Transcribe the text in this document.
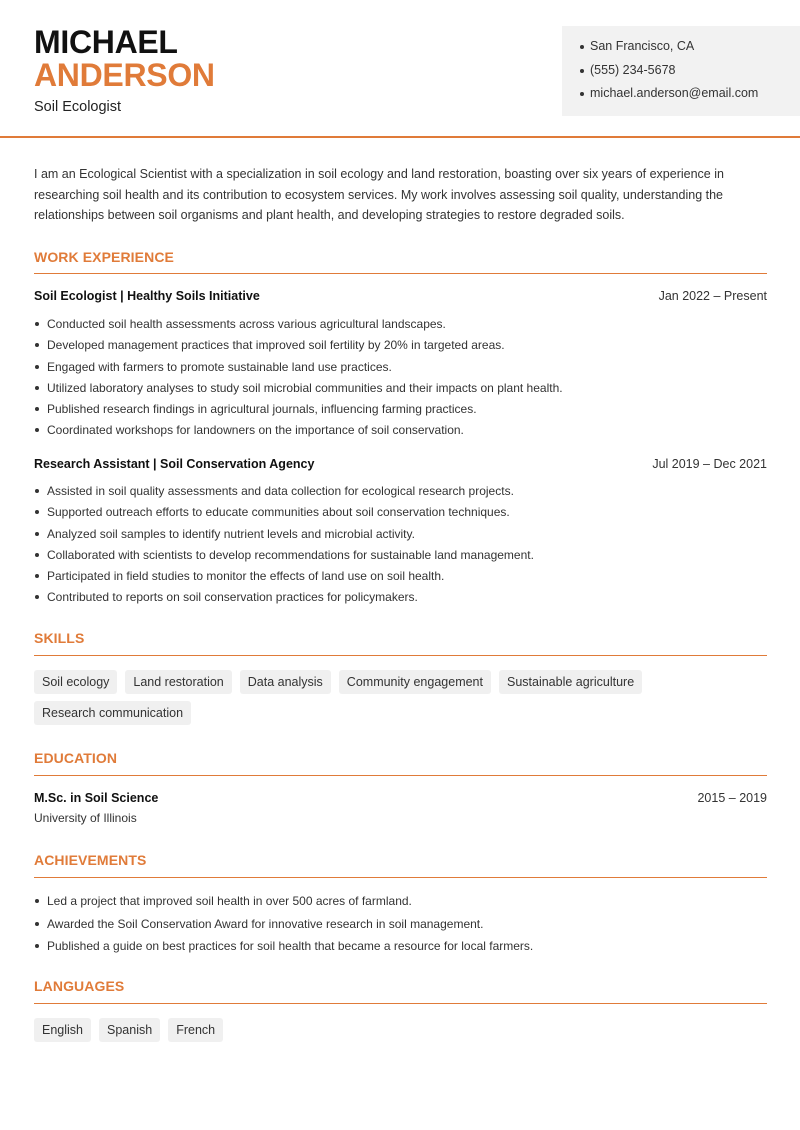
MICHAEL
ANDERSON
Soil Ecologist
San Francisco, CA
(555) 234-5678
michael.anderson@email.com

I am an Ecological Scientist with a specialization in soil ecology and land restoration, boasting over six years of experience in researching soil health and its contribution to ecosystem services. My work involves assessing soil quality, understanding the relationships between soil organisms and plant health, and developing strategies to restore degraded soils.

WORK EXPERIENCE
Soil Ecologist | Healthy Soils Initiative	Jan 2022 – Present
Conducted soil health assessments across various agricultural landscapes.
Developed management practices that improved soil fertility by 20% in targeted areas.
Engaged with farmers to promote sustainable land use practices.
Utilized laboratory analyses to study soil microbial communities and their impacts on plant health.
Published research findings in agricultural journals, influencing farming practices.
Coordinated workshops for landowners on the importance of soil conservation.
Research Assistant | Soil Conservation Agency	Jul 2019 – Dec 2021
Assisted in soil quality assessments and data collection for ecological research projects.
Supported outreach efforts to educate communities about soil conservation techniques.
Analyzed soil samples to identify nutrient levels and microbial activity.
Collaborated with scientists to develop recommendations for sustainable land management.
Participated in field studies to monitor the effects of land use on soil health.
Contributed to reports on soil conservation practices for policymakers.
SKILLS
Soil ecology Land restoration Data analysis Community engagement Sustainable agriculture
Research communication
EDUCATION
M.Sc. in Soil Science	2015 – 2019
University of Illinois
ACHIEVEMENTS
Led a project that improved soil health in over 500 acres of farmland.
Awarded the Soil Conservation Award for innovative research in soil management.
Published a guide on best practices for soil health that became a resource for local farmers.
LANGUAGES
English Spanish French
